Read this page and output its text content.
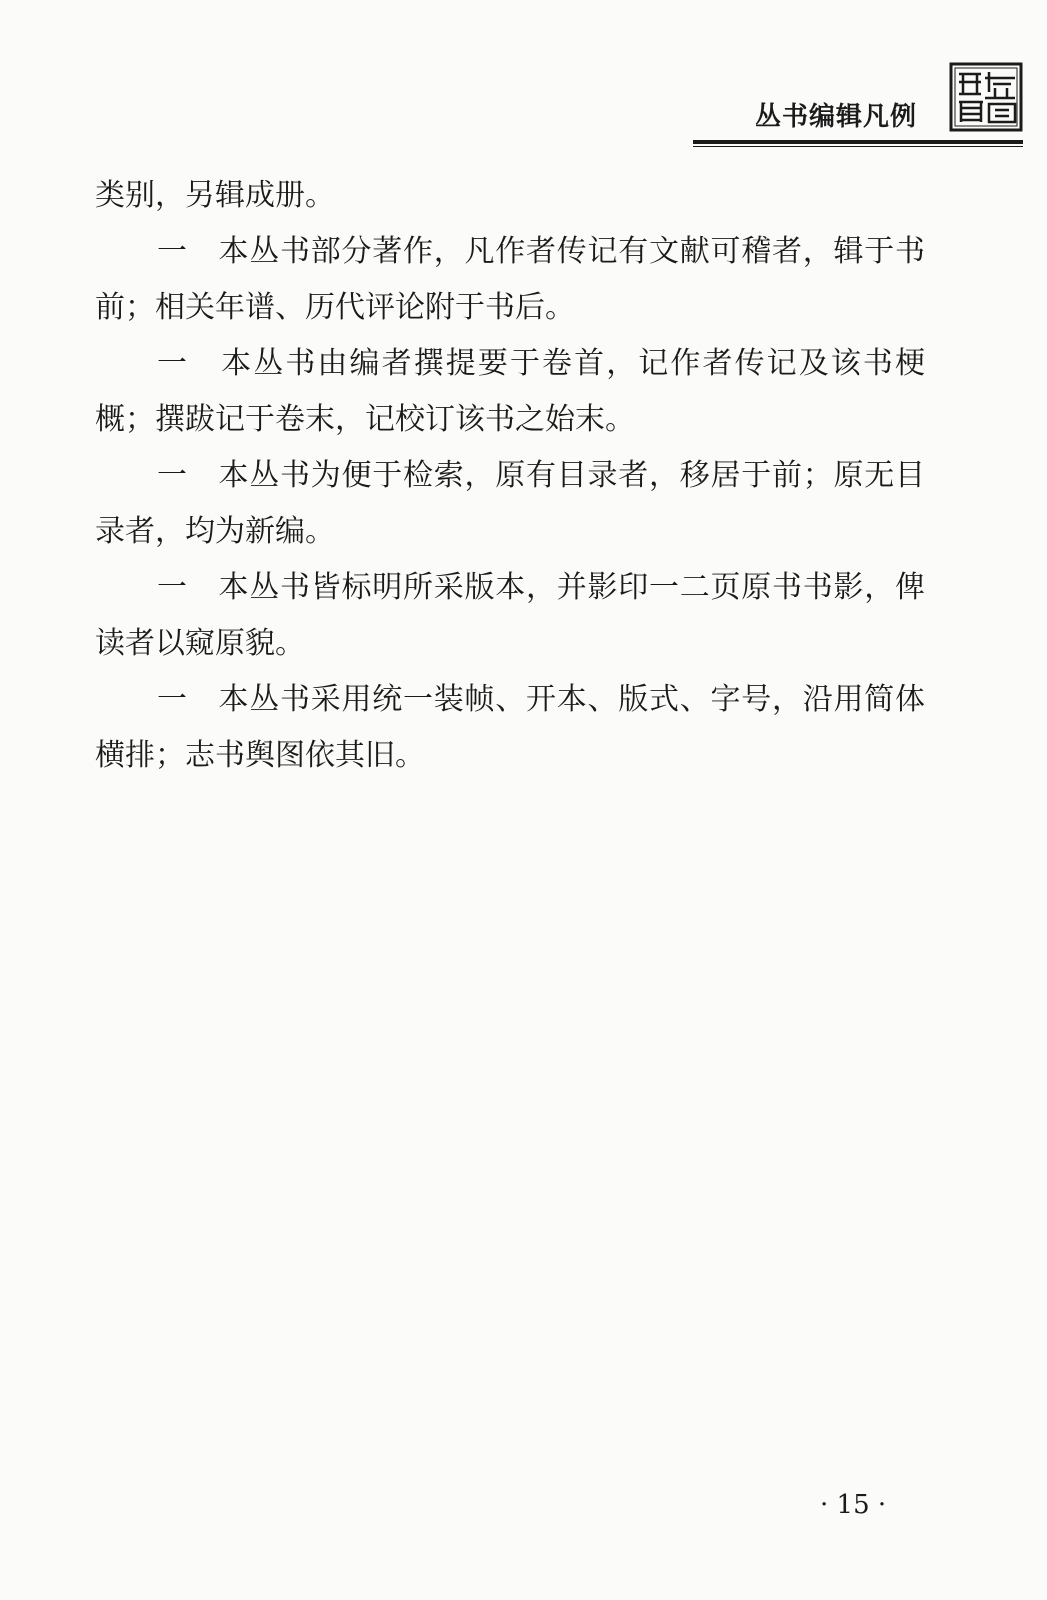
丛书编辑凡例

类别，另辑成册。

一　本丛书部分著作，凡作者传记有文献可稽者，辑于书前；相关年谱、历代评论附于书后。

一　本丛书由编者撰提要于卷首，记作者传记及该书梗概；撰跋记于卷末，记校订该书之始末。

一　本丛书为便于检索，原有目录者，移居于前；原无目录者，均为新编。

一　本丛书皆标明所采版本，并影印一二页原书书影，俾读者以窥原貌。

一　本丛书采用统一装帧、开本、版式、字号，沿用简体横排；志书舆图依其旧。

· 15 ·
